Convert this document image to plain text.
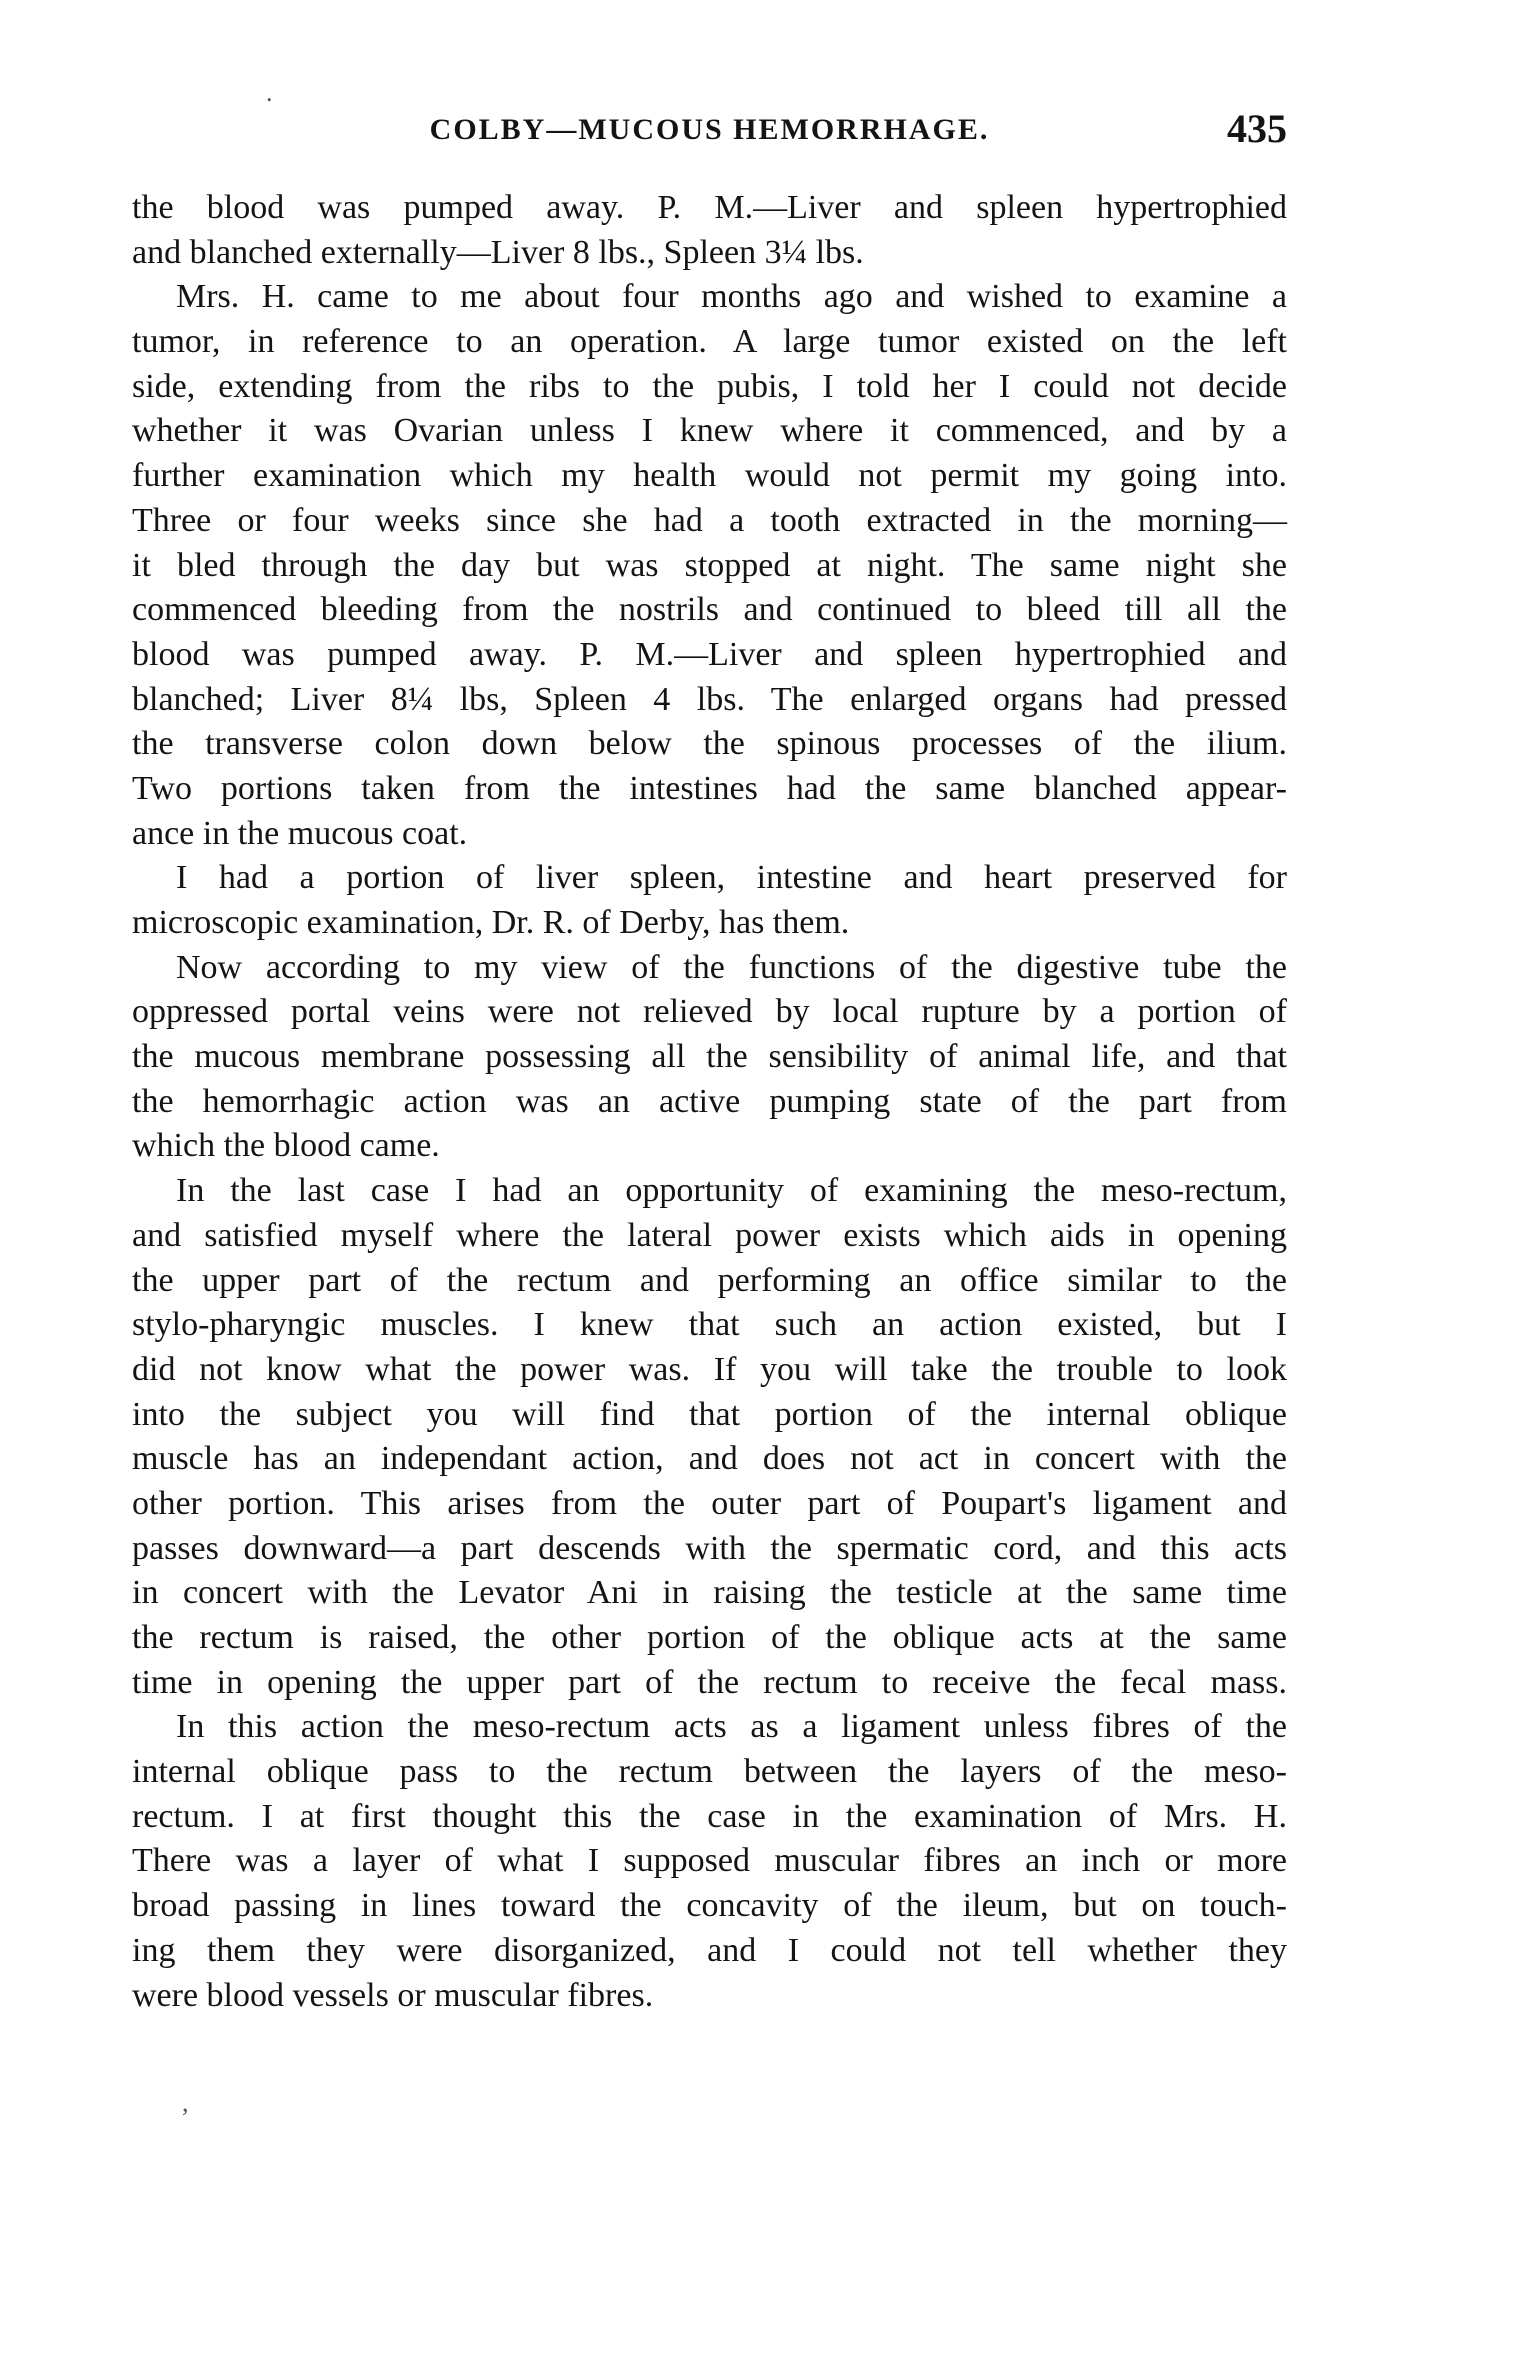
.
COLBY—MUCOUS HEMORRHAGE.	435
the blood was pumped away. P. M.—Liver and spleen hypertrophied
and blanched externally—Liver 8 lbs., Spleen 3¼ lbs.
Mrs. H. came to me about four months ago and wished to examine a
tumor, in reference to an operation. A large tumor existed on the left
side, extending from the ribs to the pubis, I told her I could not decide
whether it was Ovarian unless I knew where it commenced, and by a
further examination which my health would not permit my going into.
Three or four weeks since she had a tooth extracted in the morning—
it bled through the day but was stopped at night. The same night she
commenced bleeding from the nostrils and continued to bleed till all the
blood was pumped away. P. M.—Liver and spleen hypertrophied and
blanched; Liver 8¼ lbs, Spleen 4 lbs. The enlarged organs had pressed
the transverse colon down below the spinous processes of the ilium.
Two portions taken from the intestines had the same blanched appear-
ance in the mucous coat.
I had a portion of liver spleen, intestine and heart preserved for
microscopic examination, Dr. R. of Derby, has them.
Now according to my view of the functions of the digestive tube the
oppressed portal veins were not relieved by local rupture by a portion of
the mucous membrane possessing all the sensibility of animal life, and that
the hemorrhagic action was an active pumping state of the part from
which the blood came.
In the last case I had an opportunity of examining the meso-rectum,
and satisfied myself where the lateral power exists which aids in opening
the upper part of the rectum and performing an office similar to the
stylo-pharyngic muscles. I knew that such an action existed, but I
did not know what the power was. If you will take the trouble to look
into the subject you will find that portion of the internal oblique
muscle has an independant action, and does not act in concert with the
other portion. This arises from the outer part of Poupart's ligament and
passes downward—a part descends with the spermatic cord, and this acts
in concert with the Levator Ani in raising the testicle at the same time
the rectum is raised, the other portion of the oblique acts at the same
time in opening the upper part of the rectum to receive the fecal mass.
In this action the meso-rectum acts as a ligament unless fibres of the
internal oblique pass to the rectum between the layers of the meso-
rectum. I at first thought this the case in the examination of Mrs. H.
There was a layer of what I supposed muscular fibres an inch or more
broad passing in lines toward the concavity of the ileum, but on touch-
ing them they were disorganized, and I could not tell whether they
were blood vessels or muscular fibres.
,
